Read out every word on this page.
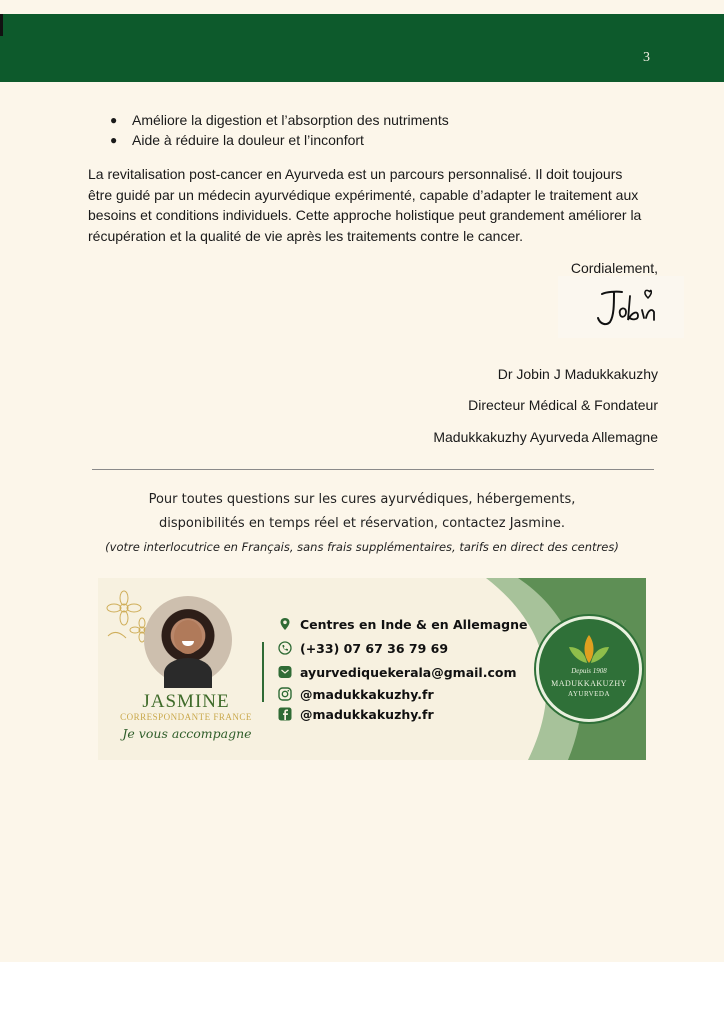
3
● Améliore la digestion et l’absorption des nutriments
● Aide à réduire la douleur et l’inconfort

La revitalisation post-cancer en Ayurveda est un parcours personnalisé. Il doit toujours être guidé par un médecin ayurvédique expérimenté, capable d’adapter le traitement aux besoins et conditions individuels. Cette approche holistique peut grandement améliorer la récupération et la qualité de vie après les traitements contre le cancer.

Cordialement,
Dr Jobin J Madukkakuzhy
Directeur Médical & Fondateur
Madukkakuzhy Ayurveda Allemagne
Pour toutes questions sur les cures ayurvédiques, hébergements,
disponibilités en temps réel et réservation, contactez Jasmine.
(votre interlocutrice en Français, sans frais supplémentaires, tarifs en direct des centres)
JASMINE
CORRESPONDANTE FRANCE
Je vous accompagne
Centres en Inde & en Allemagne
(+33) 07 67 36 79 69
ayurvediquekerala@gmail.com
@madukkakuzhy.fr
@madukkakuzhy.fr
Depuis 1908
MADUKKAKUZHY
AYURVEDA
